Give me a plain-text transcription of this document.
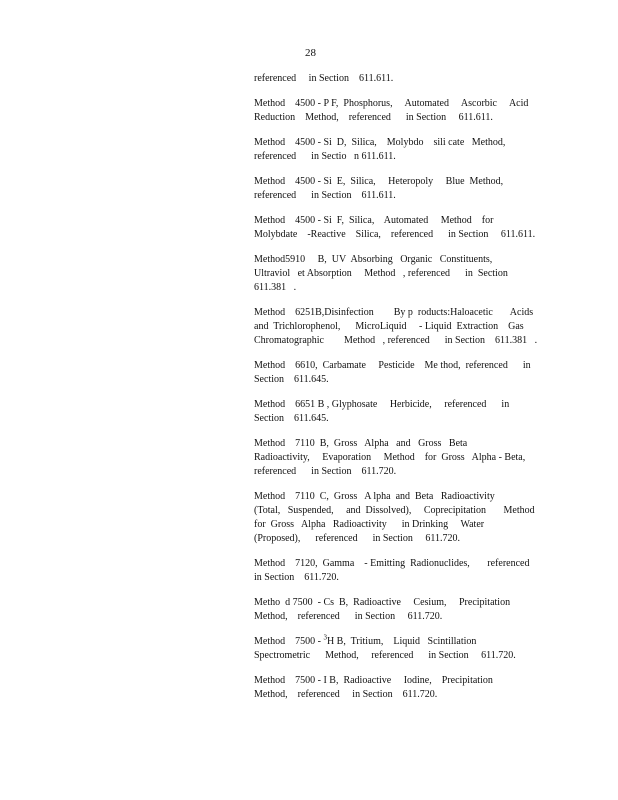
28
referenced     in Section    611.611.
Method    4500 - P F,  Phosphorus,     Automated     Ascorbic     Acid
Reduction    Method,    referenced      in Section     611.611.
Method    4500 - Si  D,  Silica,    Molybdo    sili cate   Method,
referenced      in Sectio   n 611.611.
Method    4500 - Si  E,  Silica,     Heteropoly     Blue  Method,
referenced      in Section    611.611.
Method    4500 - Si  F,  Silica,    Automated     Method    for
Molybdate    -Reactive    Silica,    referenced      in Section     611.611.
Method5910     B,  UV  Absorbing   Organic   Constituents,
Ultraviol   et Absorption     Method   , referenced      in  Section
611.381   .
Method    6251B,Disinfection        By p  roducts:Haloacetic       Acids
and  Trichlorophenol,      MicroLiquid     - Liquid  Extraction    Gas
Chromatographic        Method   , referenced      in Section    611.381   .
Method    6610,  Carbamate     Pesticide    Me thod,  referenced      in
Section    611.645.
Method    6651 B , Glyphosate     Herbicide,     referenced      in
Section    611.645.
Method    7110  B,  Gross   Alpha   and   Gross   Beta
Radioactivity,     Evaporation     Method    for  Gross   Alpha - Beta,
referenced      in Section    611.720.
Method    7110  C,  Gross   A lpha  and  Beta   Radioactivity
(Total,   Suspended,     and  Dissolved),     Coprecipitation       Method
for  Gross   Alpha   Radioactivity      in Drinking     Water
(Proposed),      referenced      in Section     611.720.
Method    7120,  Gamma    - Emitting  Radionuclides,       referenced
in Section    611.720.
Metho  d 7500  - Cs  B,  Radioactive     Cesium,     Precipitation
Method,    referenced      in Section     611.720.
Method    7500 - $^3$H B,  Tritium,    Liquid   Scintillation
Spectrometric      Method,     referenced      in Section     611.720.
Method    7500 - I B,  Radioactive     Iodine,    Precipitation
Method,    referenced     in Section    611.720.
